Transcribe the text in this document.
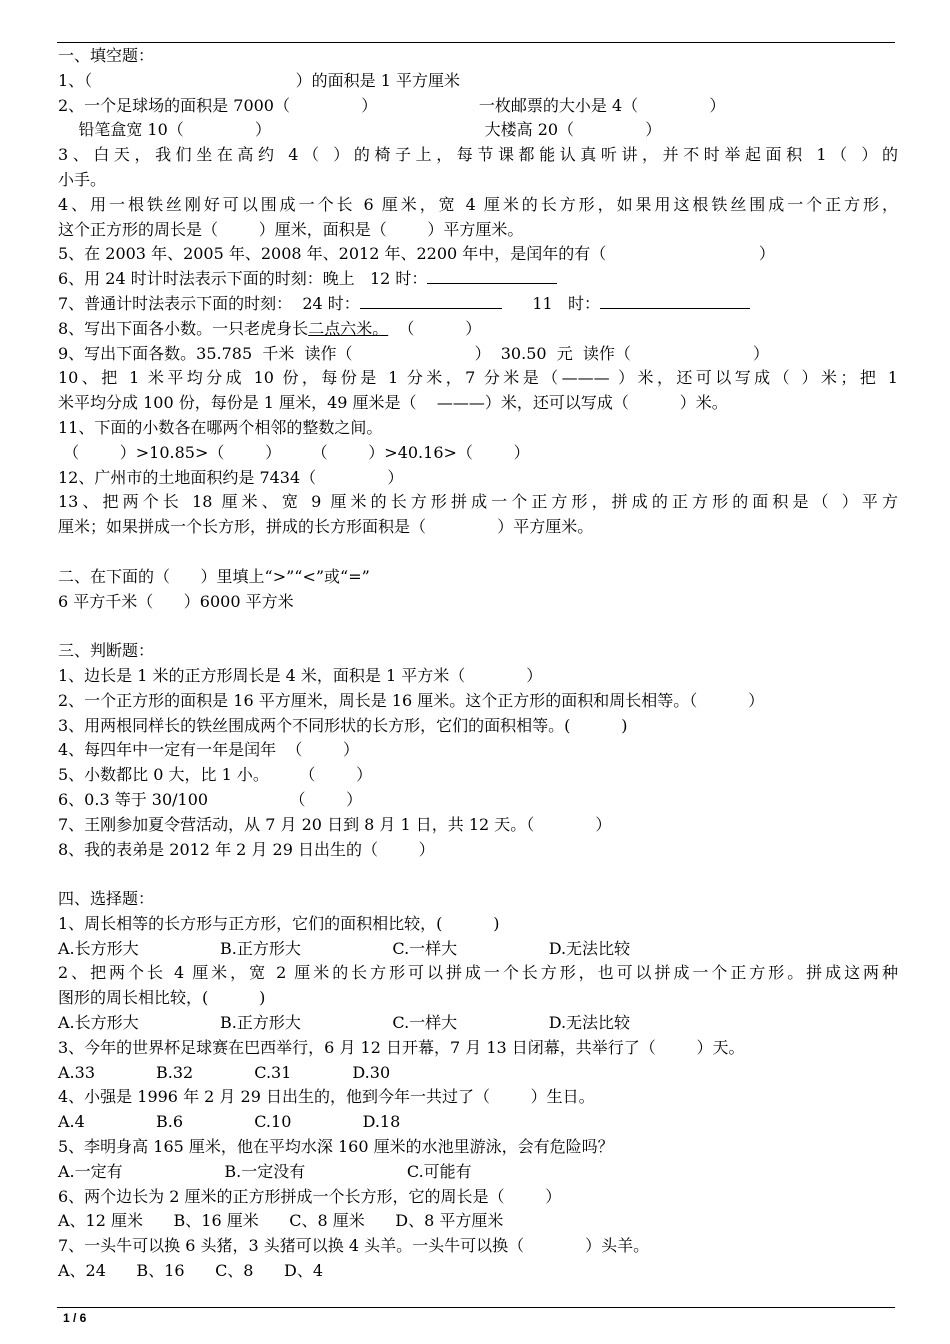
一、填空题：
1、（                                        ）的面积是 1 平方厘米
2、一个足球场的面积是 7000（              ）                    一枚邮票的大小是 4（              ）
铅笔盒宽 10（              ）                                          大楼高 20（              ）
3、白天，我们坐在高约 4（ ）的椅子上，每节课都能认真听讲，并不时举起面积 1（ ）的
小手。
4、用一根铁丝刚好可以围成一个长 6 厘米，宽 4 厘米的长方形，如果用这根铁丝围成一个正方形，
这个正方形的周长是（        ）厘米，面积是（        ）平方厘米。
5、在 2003 年、2005 年、2008 年、2012 年、2200 年中，是闰年的有（                              ）
6、用 24 时计时法表示下面的时刻：晚上   12 时：
7、普通计时法表示下面的时刻：  24 时：	11   时：
8、写出下面各小数。一只老虎身长二点六米。  （          ）
9、写出下面各数。35.785  千米  读作（                        ）  30.50  元  读作（                        ）
10、把 1 米平均分成 10 份，每份是 1 分米，7 分米是（——— ）米，还可以写成（ ）米；把 1
米平均分成 100 份，每份是 1 厘米，49 厘米是（    ———）米，还可以写成（          ）米。
11、下面的小数各在哪两个相邻的整数之间。
（        ）>10.85>（        ）      （        ）>40.16>（        ）
12、广州市的土地面积约是 7434（              ）
13、把两个长 18 厘米、宽 9 厘米的长方形拼成一个正方形，拼成的正方形的面积是（ ）平方
厘米；如果拼成一个长方形，拼成的长方形面积是（              ）平方厘米。
二、在下面的（      ）里填上“>”“<”或“=”
6 平方千米（      ）6000 平方米
三、判断题：
1、边长是 1 米的正方形周长是 4 米，面积是 1 平方米（            ）
2、一个正方形的面积是 16 平方厘米，周长是 16 厘米。这个正方形的面积和周长相等。（          ）
3、用两根同样长的铁丝围成两个不同形状的长方形，它们的面积相等。(          )
4、每四年中一定有一年是闰年  （        ）
5、小数都比 0 大，比 1 小。      （        ）
6、0.3 等于 30/100                （        ）
7、王刚参加夏令营活动，从 7 月 20 日到 8 月 1 日，共 12 天。（            ）
8、我的表弟是 2012 年 2 月 29 日出生的（        ）
四、选择题：
1、周长相等的长方形与正方形，它们的面积相比较，(          )
A.长方形大                B.正方形大                  C.一样大                  D.无法比较
2、把两个长 4 厘米，宽 2 厘米的长方形可以拼成一个长方形，也可以拼成一个正方形。拼成这两种
图形的周长相比较，(          )
A.长方形大                B.正方形大                  C.一样大                  D.无法比较
3、今年的世界杯足球赛在巴西举行，6 月 12 日开幕，7 月 13 日闭幕，共举行了（        ）天。
A.33            B.32            C.31            D.30
4、小强是 1996 年 2 月 29 日出生的，他到今年一共过了（        ）生日。
A.4              B.6              C.10              D.18
5、李明身高 165 厘米，他在平均水深 160 厘米的水池里游泳，会有危险吗？
A.一定有                    B.一定没有                    C.可能有
6、两个边长为 2 厘米的正方形拼成一个长方形，它的周长是（        ）
A、12 厘米      B、16 厘米      C、8 厘米      D、8 平方厘米
7、一头牛可以换 6 头猪，3 头猪可以换 4 头羊。一头牛可以换（            ）头羊。
A、24      B、16      C、8      D、4
1 / 6
